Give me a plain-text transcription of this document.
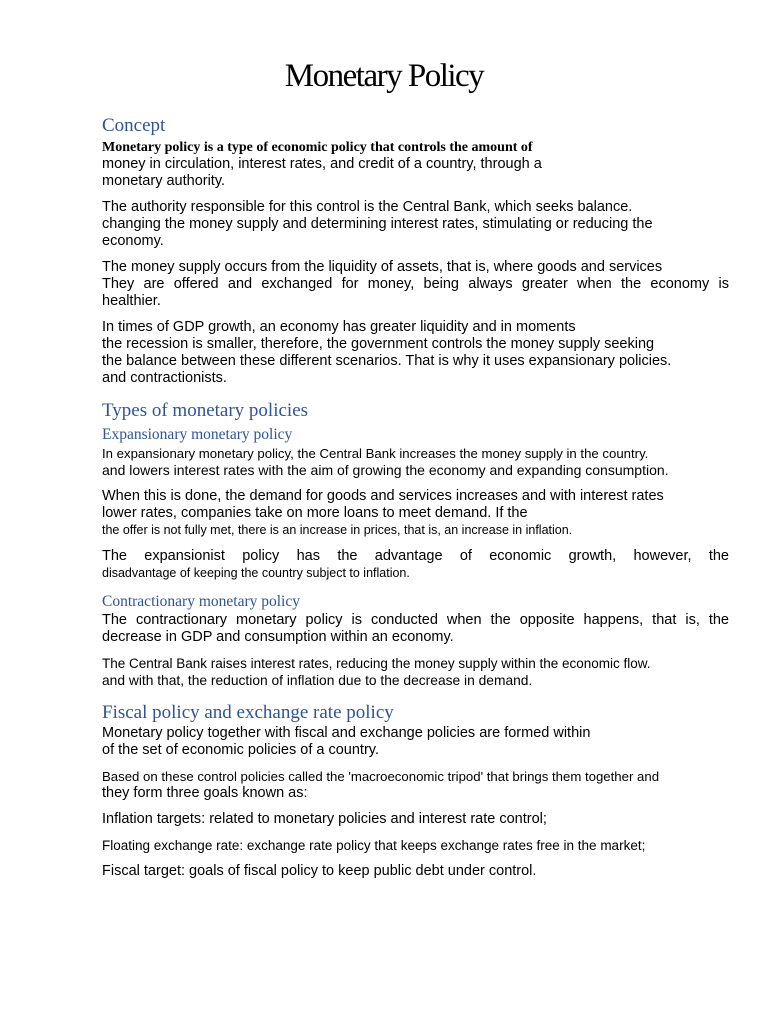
Monetary Policy
Concept
Monetary policy is a type of economic policy that controls the amount of
money in circulation, interest rates, and credit of a country, through a
monetary authority.
The authority responsible for this control is the Central Bank, which seeks balance.
changing the money supply and determining interest rates, stimulating or reducing the
economy.
The money supply occurs from the liquidity of assets, that is, where goods and services
They are offered and exchanged for money, being always greater when the economy is
healthier.
In times of GDP growth, an economy has greater liquidity and in moments
the recession is smaller, therefore, the government controls the money supply seeking
the balance between these different scenarios. That is why it uses expansionary policies.
and contractionists.
Types of monetary policies
Expansionary monetary policy
In expansionary monetary policy, the Central Bank increases the money supply in the country.
and lowers interest rates with the aim of growing the economy and expanding consumption.
When this is done, the demand for goods and services increases and with interest rates
lower rates, companies take on more loans to meet demand. If the
the offer is not fully met, there is an increase in prices, that is, an increase in inflation.
The expansionist policy has the advantage of economic growth, however, the
disadvantage of keeping the country subject to inflation.
Contractionary monetary policy
The contractionary monetary policy is conducted when the opposite happens, that is, the
decrease in GDP and consumption within an economy.
The Central Bank raises interest rates, reducing the money supply within the economic flow.
and with that, the reduction of inflation due to the decrease in demand.
Fiscal policy and exchange rate policy
Monetary policy together with fiscal and exchange policies are formed within
of the set of economic policies of a country.
Based on these control policies called the 'macroeconomic tripod' that brings them together and
they form three goals known as:
Inflation targets: related to monetary policies and interest rate control;
Floating exchange rate: exchange rate policy that keeps exchange rates free in the market;
Fiscal target: goals of fiscal policy to keep public debt under control.
